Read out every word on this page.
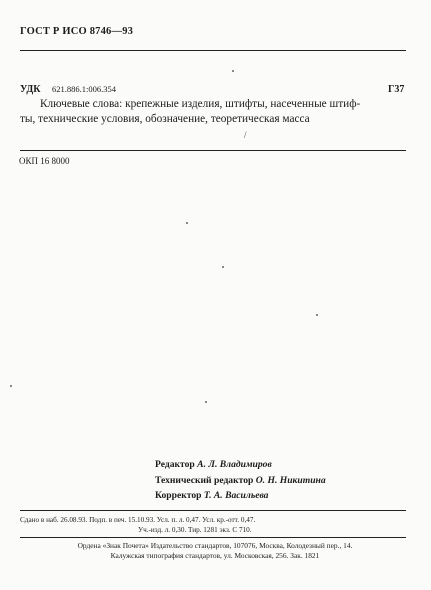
ГОСТ Р ИСО 8746—93
УДК 621.886.1:006.354	Г37
Ключевые слова: крепежные изделия, штифты, насеченные штиф-
ты, технические условия, обозначение, теоретическая масса
ОКП 16 8000
Редактор А. Л. Владимиров
Технический редактор О. Н. Никитина
Корректор Т. А. Васильева
Сдано в наб. 26.08.93. Подп. в печ. 15.10.93. Усл. п. л. 0,47. Усл. кр.-отт. 0,47.
Уч.-изд. л. 0,30. Тир. 1281 экз. С 710.
Ордена «Знак Почета» Издательство стандартов, 107076, Москва, Колодезный пер., 14.
Калужская типография стандартов, ул. Московская, 256. Зак. 1821
/
